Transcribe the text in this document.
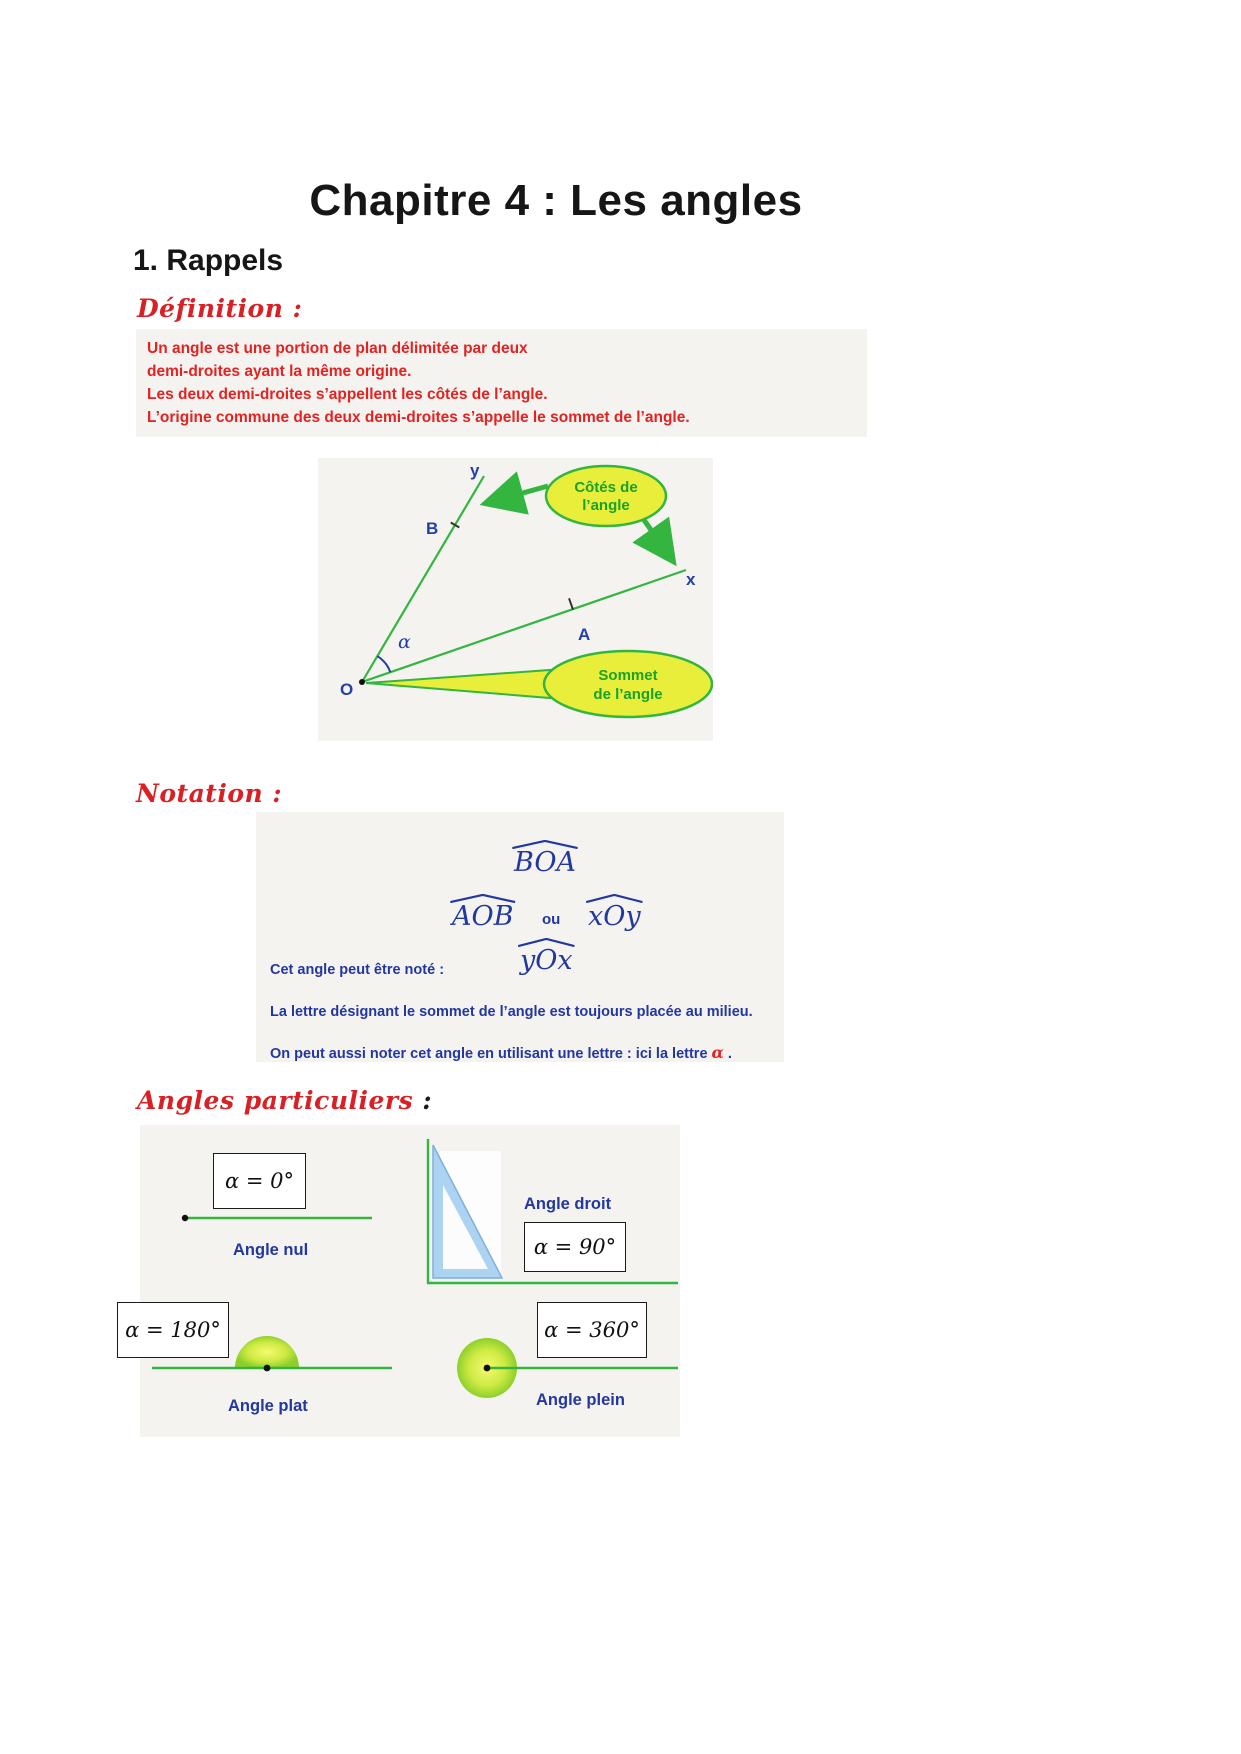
Chapitre 4 : Les angles
1. Rappels
Définition :
Un angle est une portion de plan délimitée par deux
demi-droites ayant la même origine.
Les deux demi-droites s’appellent les côtés de l’angle.
L’origine commune des deux demi-droites s’appelle le sommet de l’angle.
O
B
A
y
x
α
Côtés de
l’angle
Sommet
de l’angle
Notation :
BOA
AOB ou xOy
yOx
Cet angle peut être noté :
La lettre désignant le sommet de l’angle est toujours placée au milieu.
On peut aussi noter cet angle en utilisant une lettre : ici la lettre α .
Angles particuliers :
Angle nul
Angle droit
Angle plat	Angle plein
α = 0°
α = 90°
α = 180°	α = 360°
